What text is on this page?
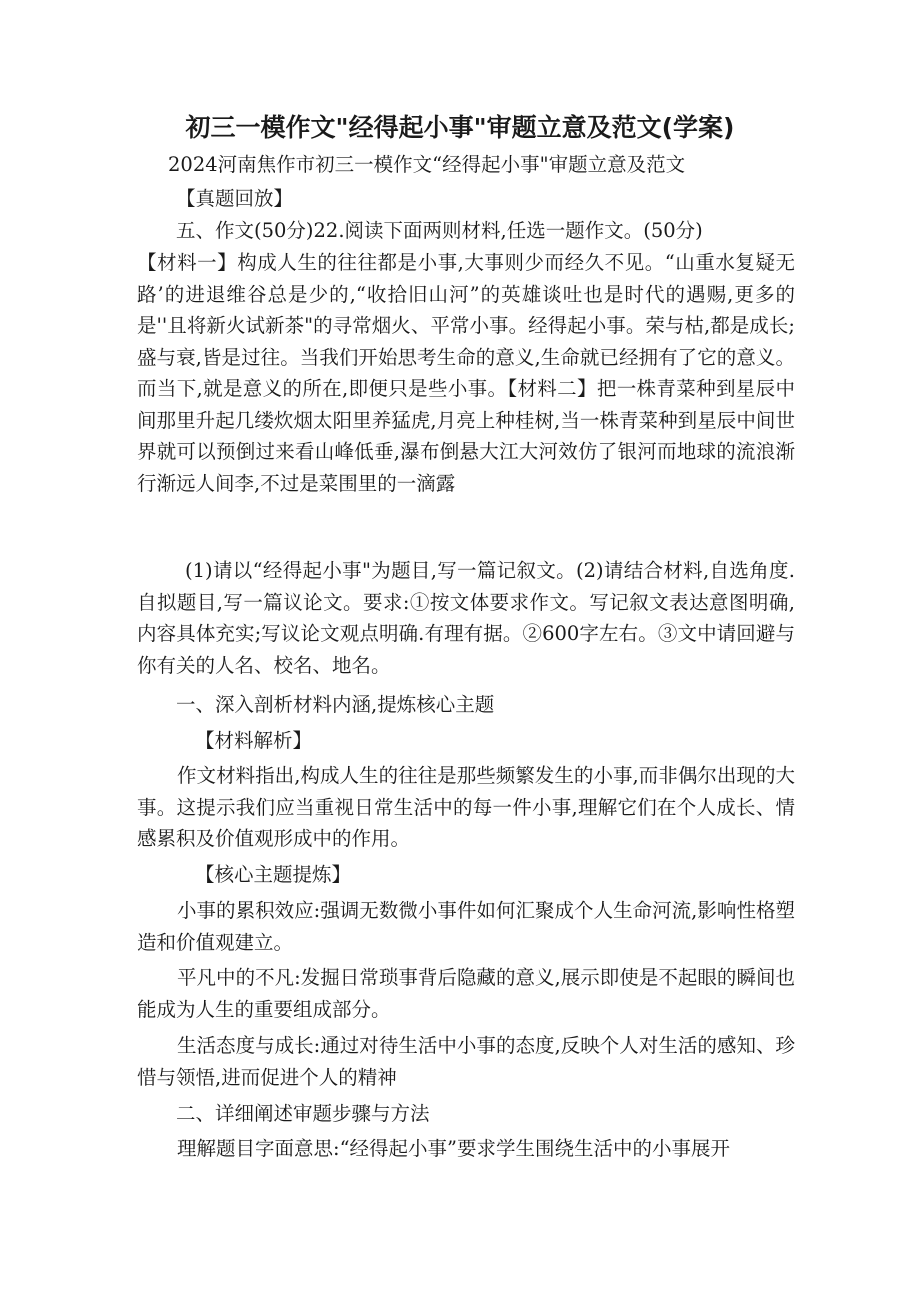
初三一模作文"经得起小事"审题立意及范文(学案)

2024河南焦作市初三一模作文“经得起小事"审题立意及范文

【真题回放】

五、作文(50分)22.阅读下面两则材料,任选一题作文。(50分)

【材料一】构成人生的往往都是小事,大事则少而经久不见。“山重水复疑无路’的进退维谷总是少的,“收拾旧山河”的英雄谈吐也是时代的遇赐,更多的是''且将新火试新茶"的寻常烟火、平常小事。经得起小事。荣与枯,都是成长;盛与衰,皆是过往。当我们开始思考生命的意义,生命就已经拥有了它的意义。而当下,就是意义的所在,即便只是些小事。【材料二】把一株青菜种到星辰中间那里升起几缕炊烟太阳里养猛虎,月亮上种桂树,当一株青菜种到星辰中间世界就可以预倒过来看山峰低垂,瀑布倒悬大江大河效仿了银河而地球的流浪渐行渐远人间李,不过是菜围里的一滴露

(1)请以“经得起小事"为题目,写一篇记叙文。(2)请结合材料,自选角度.自拟题目,写一篇议论文。要求:①按文体要求作文。写记叙文表达意图明确,内容具体充实;写议论文观点明确.有理有据。②600字左右。③文中请回避与你有关的人名、校名、地名。

一、深入剖析材料内涵,提炼核心主题

【材料解析】

作文材料指出,构成人生的往往是那些频繁发生的小事,而非偶尔出现的大事。这提示我们应当重视日常生活中的每一件小事,理解它们在个人成长、情感累积及价值观形成中的作用。

【核心主题提炼】

小事的累积效应:强调无数微小事件如何汇聚成个人生命河流,影响性格塑造和价值观建立。

平凡中的不凡:发掘日常琐事背后隐藏的意义,展示即使是不起眼的瞬间也能成为人生的重要组成部分。

生活态度与成长:通过对待生活中小事的态度,反映个人对生活的感知、珍惜与领悟,进而促进个人的精神

二、详细阐述审题步骤与方法

理解题目字面意思:“经得起小事”要求学生围绕生活中的小事展开
